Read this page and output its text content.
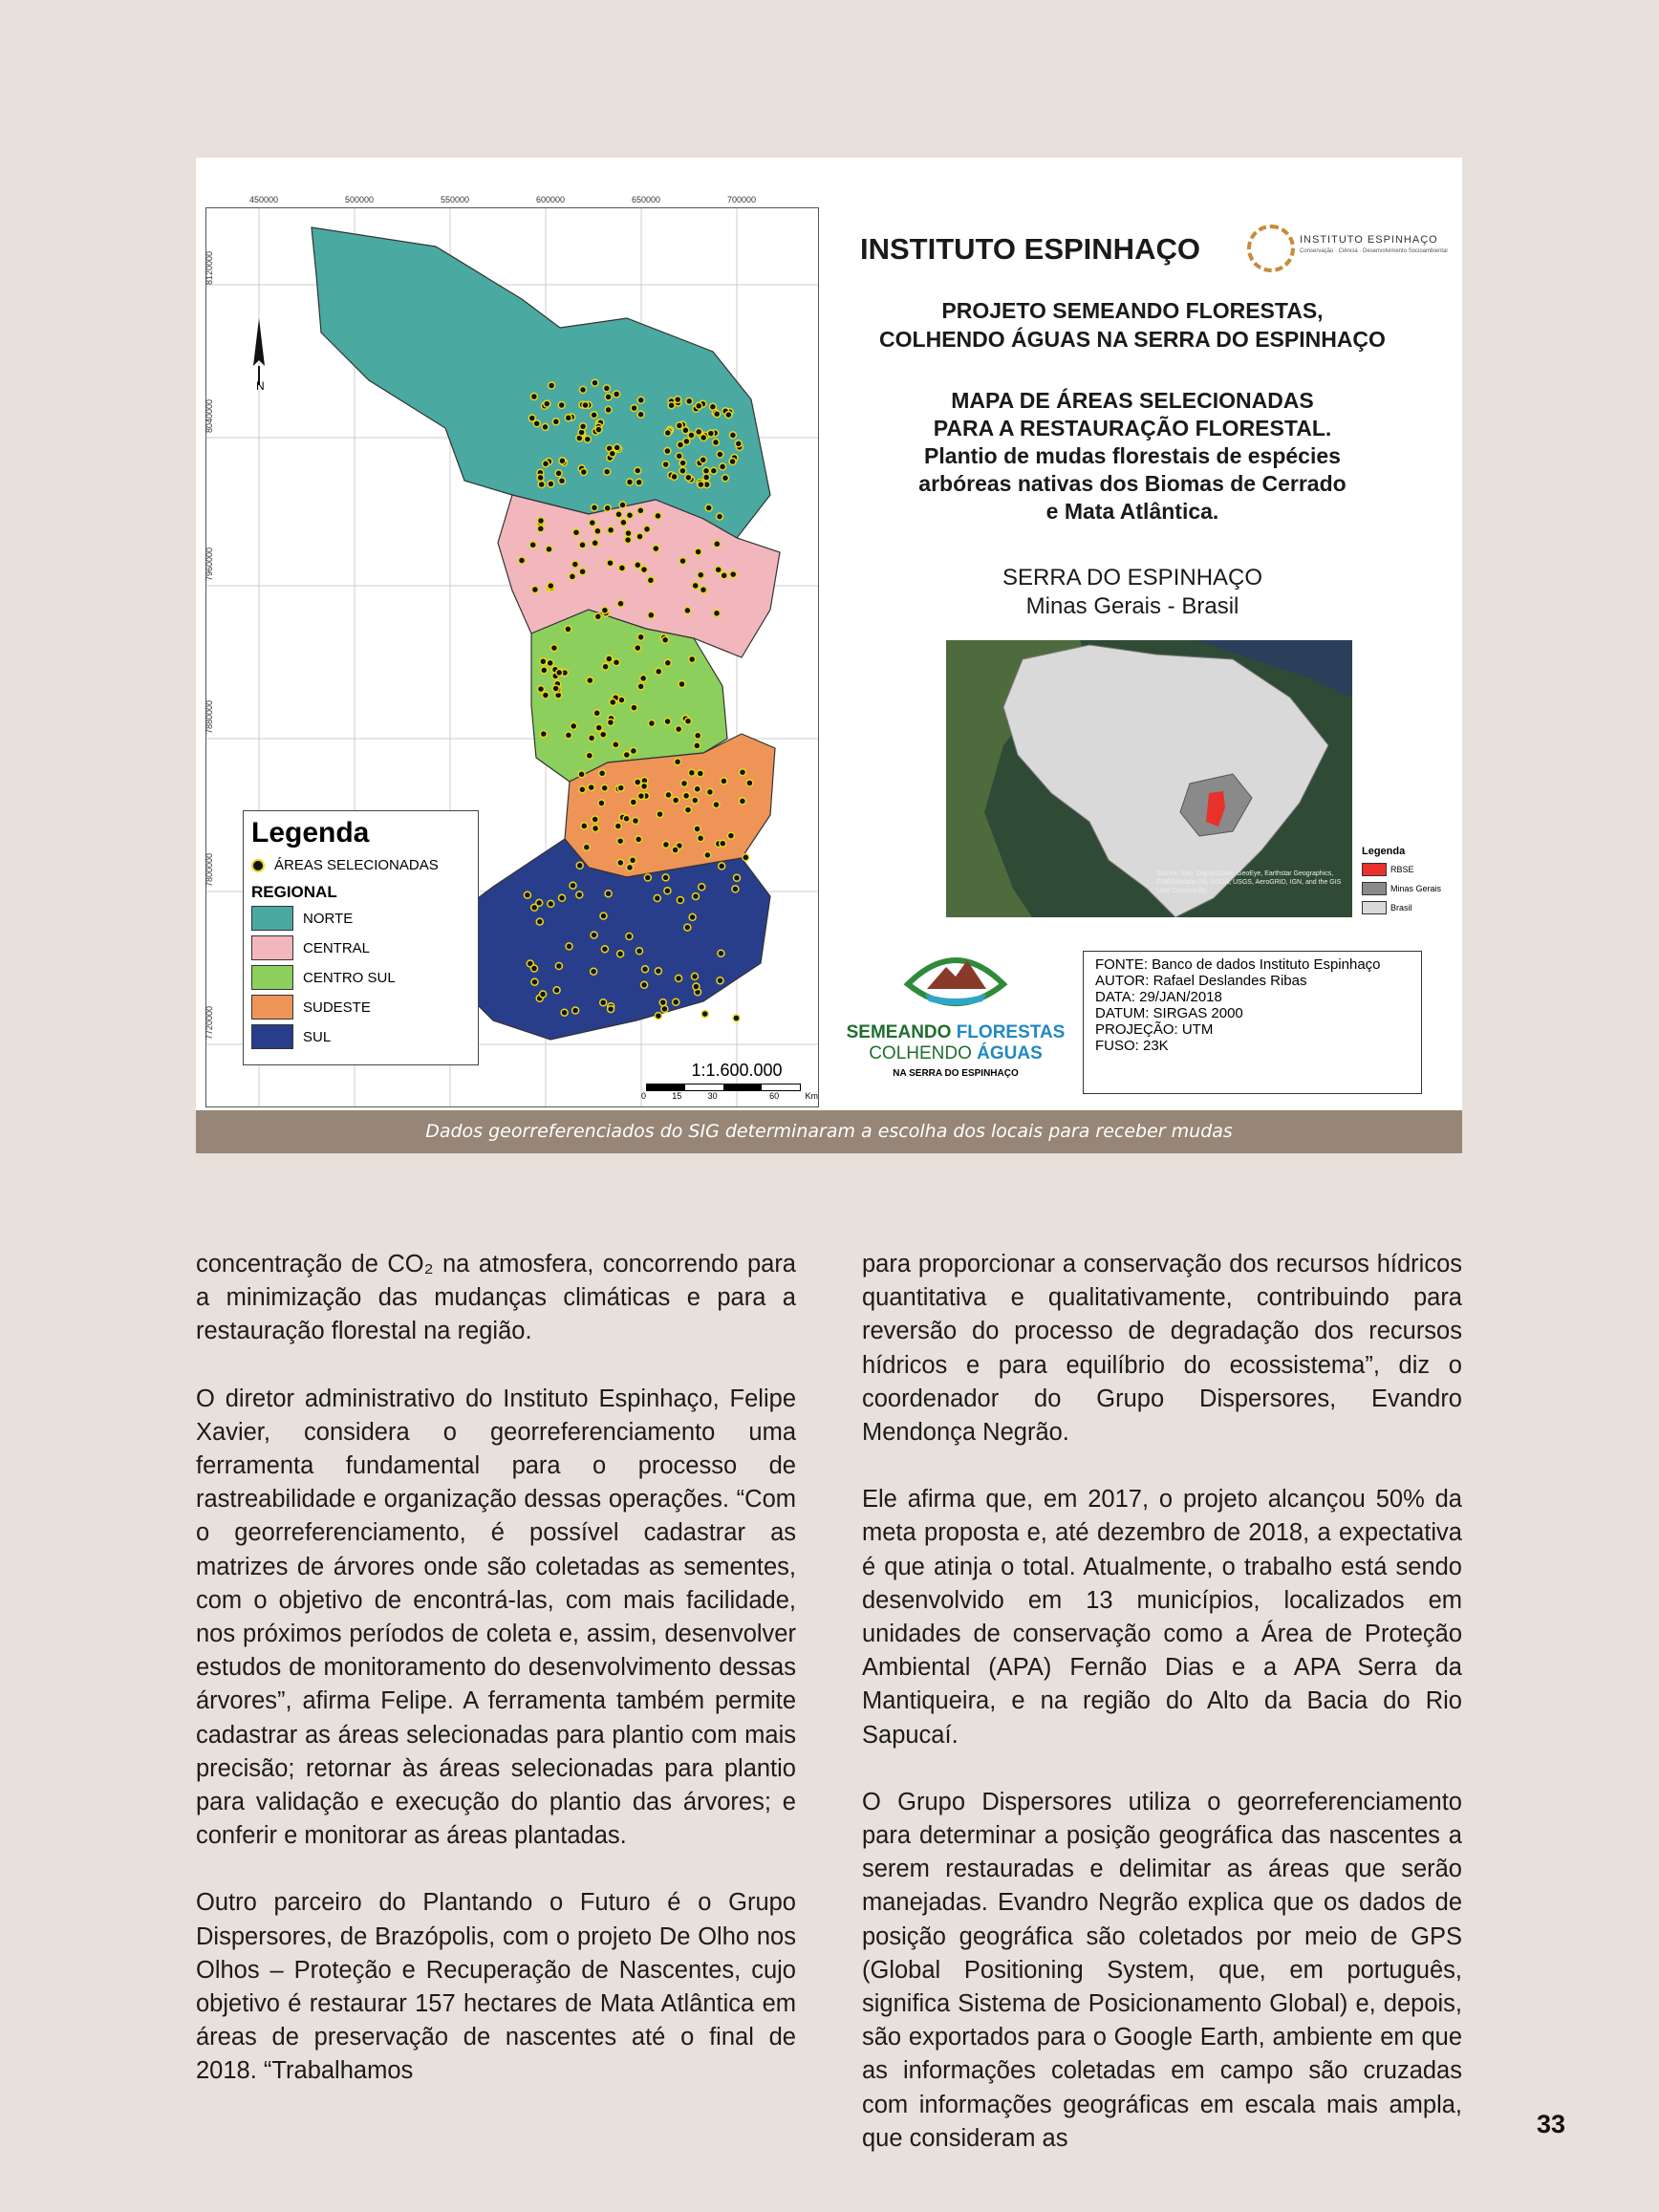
450000	500000	550000	600000	650000	700000
8120000
8040000
7960000
7880000
7800000
7720000
N
Legenda
ÁREAS SELECIONADAS
REGIONAL
NORTE
CENTRAL
CENTRO SUL
SUDESTE
SUL
1:1.600.000
0	15	30	60	Km
INSTITUTO ESPINHAÇO	INSTITUTO ESPINHAÇO
Conservação · Ciência · Desenvolvimento Socioambiental
PROJETO SEMEANDO FLORESTAS,
COLHENDO ÁGUAS NA SERRA DO ESPINHAÇO
MAPA DE ÁREAS SELECIONADAS
PARA A RESTAURAÇÃO FLORESTAL.
Plantio de mudas florestais de espécies
arbóreas nativas dos Biomas de Cerrado
e Mata Atlântica.
SERRA DO ESPINHAÇO
Minas Gerais - Brasil
Source: Esri, DigitalGlobe, GeoEye, Earthstar Geographics, CNES/Airbus DS, USDA, USGS, AeroGRID, IGN, and the GIS User Community
Legenda
RBSE
Minas Gerais
Brasil
SEMEANDO FLORESTAS
COLHENDO ÁGUAS
NA SERRA DO ESPINHAÇO
FONTE: Banco de dados Instituto Espinhaço
AUTOR: Rafael Deslandes Ribas
DATA: 29/JAN/2018
DATUM: SIRGAS 2000
PROJEÇÃO: UTM
FUSO: 23K
Dados georreferenciados do SIG determinaram a escolha dos locais para receber mudas

concentração de CO₂ na atmosfera, concorrendo para a minimização das mudanças climáticas e para a restauração florestal na região.

O diretor administrativo do Instituto Espinhaço, Felipe Xavier, considera o georreferenciamento uma ferramenta fundamental para o processo de rastreabilidade e organização dessas operações. “Com o georreferenciamento, é possível cadastrar as matrizes de árvores onde são coletadas as sementes, com o objetivo de encontrá-las, com mais facilidade, nos próximos períodos de coleta e, assim, desenvolver estudos de monitoramento do desenvolvimento dessas árvores”, afirma Felipe. A ferramenta também permite cadastrar as áreas selecionadas para plantio com mais precisão; retornar às áreas selecionadas para plantio para validação e execução do plantio das árvores; e conferir e monitorar as áreas plantadas.

Outro parceiro do Plantando o Futuro é o Grupo Dispersores, de Brazópolis, com o projeto De Olho nos Olhos – Proteção e Recuperação de Nascentes, cujo objetivo é restaurar 157 hectares de Mata Atlântica em áreas de preservação de nascentes até o final de 2018. “Trabalhamos

para proporcionar a conservação dos recursos hídricos quantitativa e qualitativamente, contribuindo para reversão do processo de degradação dos recursos hídricos e para equilíbrio do ecossistema”, diz o coordenador do Grupo Dispersores, Evandro Mendonça Negrão.

Ele afirma que, em 2017, o projeto alcançou 50% da meta proposta e, até dezembro de 2018, a expectativa é que atinja o total. Atualmente, o trabalho está sendo desenvolvido em 13 municípios, localizados em unidades de conservação como a Área de Proteção Ambiental (APA) Fernão Dias e a APA Serra da Mantiqueira, e na região do Alto da Bacia do Rio Sapucaí.

O Grupo Dispersores utiliza o georreferenciamento para determinar a posição geográfica das nascentes a serem restauradas e delimitar as áreas que serão manejadas. Evandro Negrão explica que os dados de posição geográfica são coletados por meio de GPS (Global Positioning System, que, em português, significa Sistema de Posicionamento Global) e, depois, são exportados para o Google Earth, ambiente em que as informações coletadas em campo são cruzadas com informações geográficas em escala mais ampla, que consideram as	33
